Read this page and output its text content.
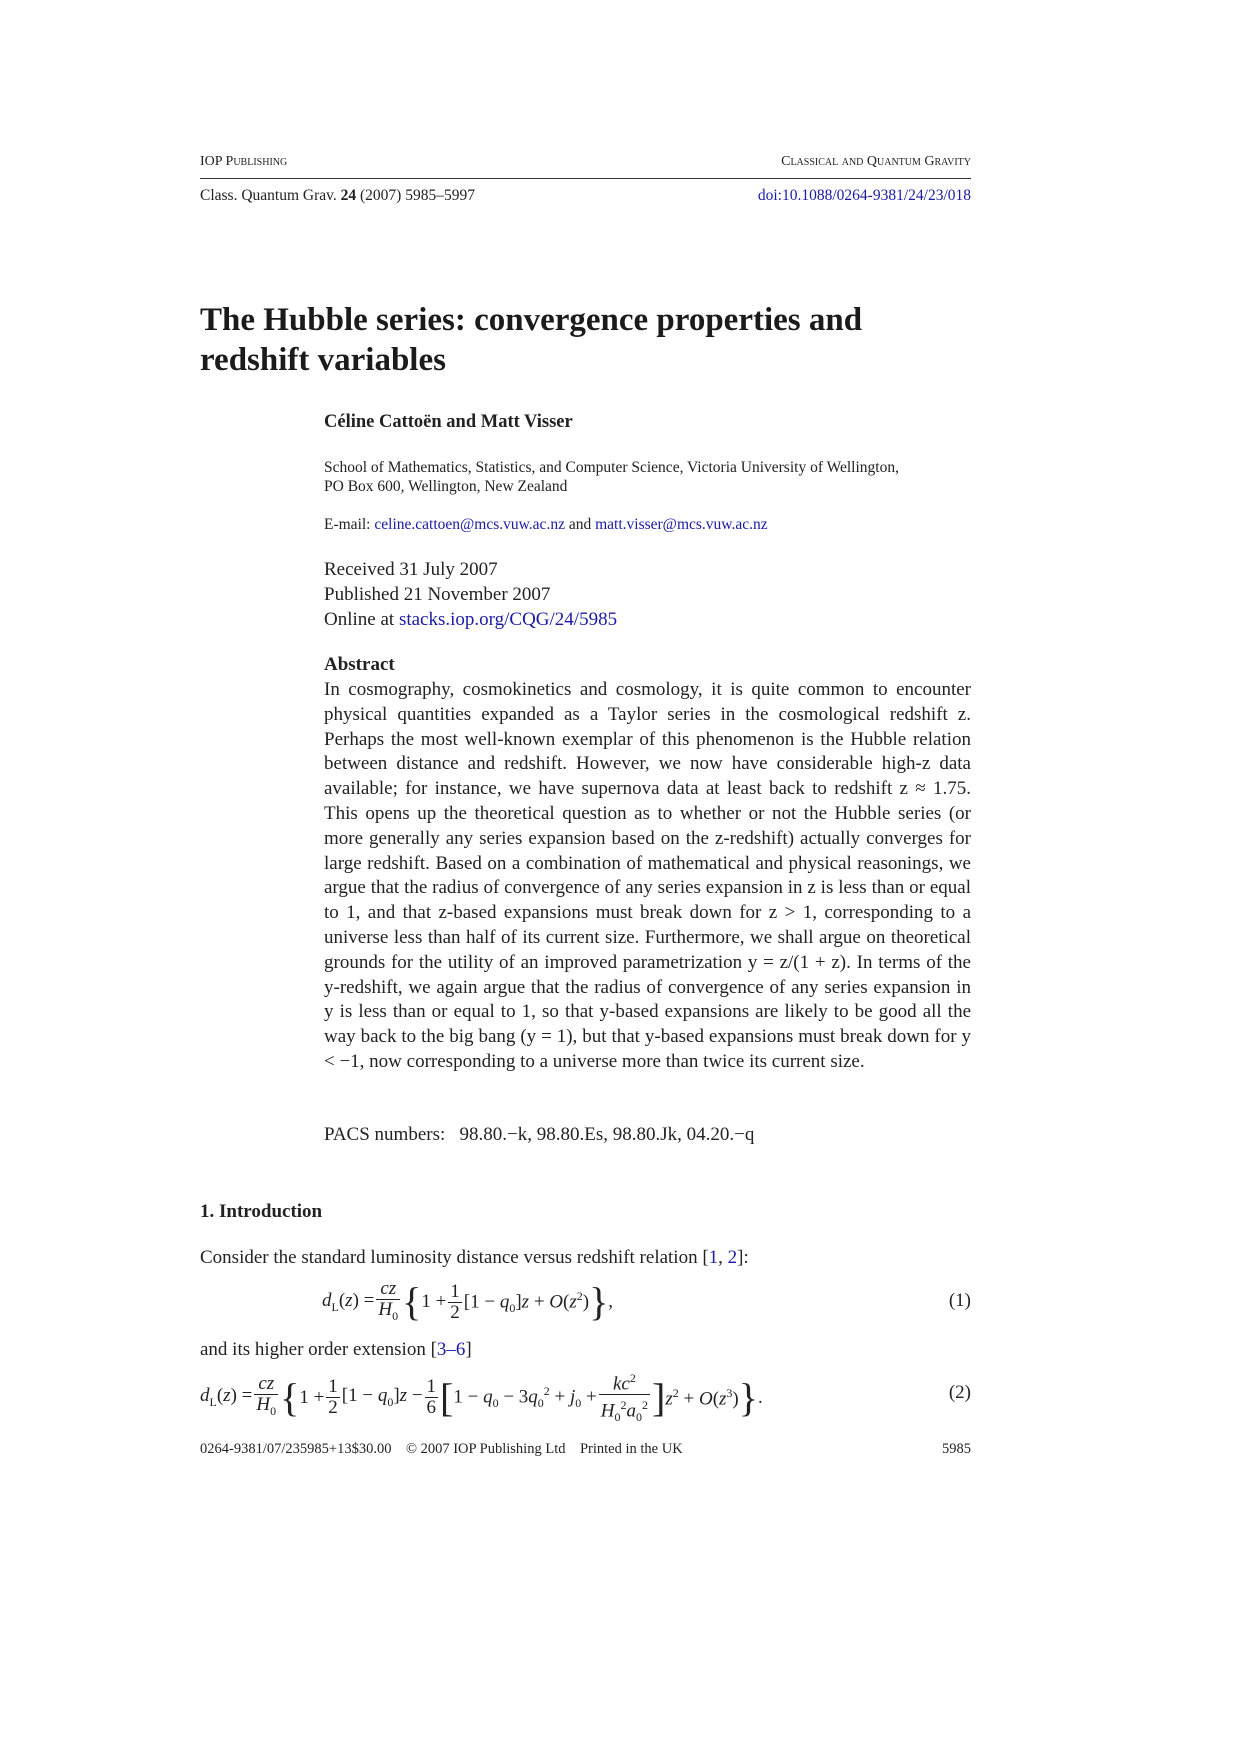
IOP Publishing	Classical and Quantum Gravity
Class. Quantum Grav. 24 (2007) 5985–5997	doi:10.1088/0264-9381/24/23/018
The Hubble series: convergence properties and redshift variables
Céline Cattoën and Matt Visser
School of Mathematics, Statistics, and Computer Science, Victoria University of Wellington,
PO Box 600, Wellington, New Zealand
E-mail: celine.cattoen@mcs.vuw.ac.nz and matt.visser@mcs.vuw.ac.nz
Received 31 July 2007
Published 21 November 2007
Online at stacks.iop.org/CQG/24/5985
Abstract
In cosmography, cosmokinetics and cosmology, it is quite common to encounter physical quantities expanded as a Taylor series in the cosmological redshift z. Perhaps the most well-known exemplar of this phenomenon is the Hubble relation between distance and redshift. However, we now have considerable high-z data available; for instance, we have supernova data at least back to redshift z ≈ 1.75. This opens up the theoretical question as to whether or not the Hubble series (or more generally any series expansion based on the z-redshift) actually converges for large redshift. Based on a combination of mathematical and physical reasonings, we argue that the radius of convergence of any series expansion in z is less than or equal to 1, and that z-based expansions must break down for z > 1, corresponding to a universe less than half of its current size. Furthermore, we shall argue on theoretical grounds for the utility of an improved parametrization y = z/(1 + z). In terms of the y-redshift, we again argue that the radius of convergence of any series expansion in y is less than or equal to 1, so that y-based expansions are likely to be good all the way back to the big bang (y = 1), but that y-based expansions must break down for y < −1, now corresponding to a universe more than twice its current size.
PACS numbers: 98.80.−k, 98.80.Es, 98.80.Jk, 04.20.−q
1. Introduction
Consider the standard luminosity distance versus redshift relation [1, 2]:
$d_L(z) = \frac{cz}{H_0}$ { $1 + \frac{1}{2} [1 - q_0]z + O(z^2)$ } ,	(1)
and its higher order extension [3–6]
$d_L(z) = \frac{cz}{H_0}$ { $1 + \frac{1}{2} [1 - q_0]z - \frac{1}{6}$ [ $1 - q_0 - 3q_0^2 + j_0 + \frac{kc^2}{H_0^2a_0^2}$ ] $z^2 + O(z^3)$ } .	(2)
0264-9381/07/235985+13$30.00 © 2007 IOP Publishing Ltd Printed in the UK	5985
